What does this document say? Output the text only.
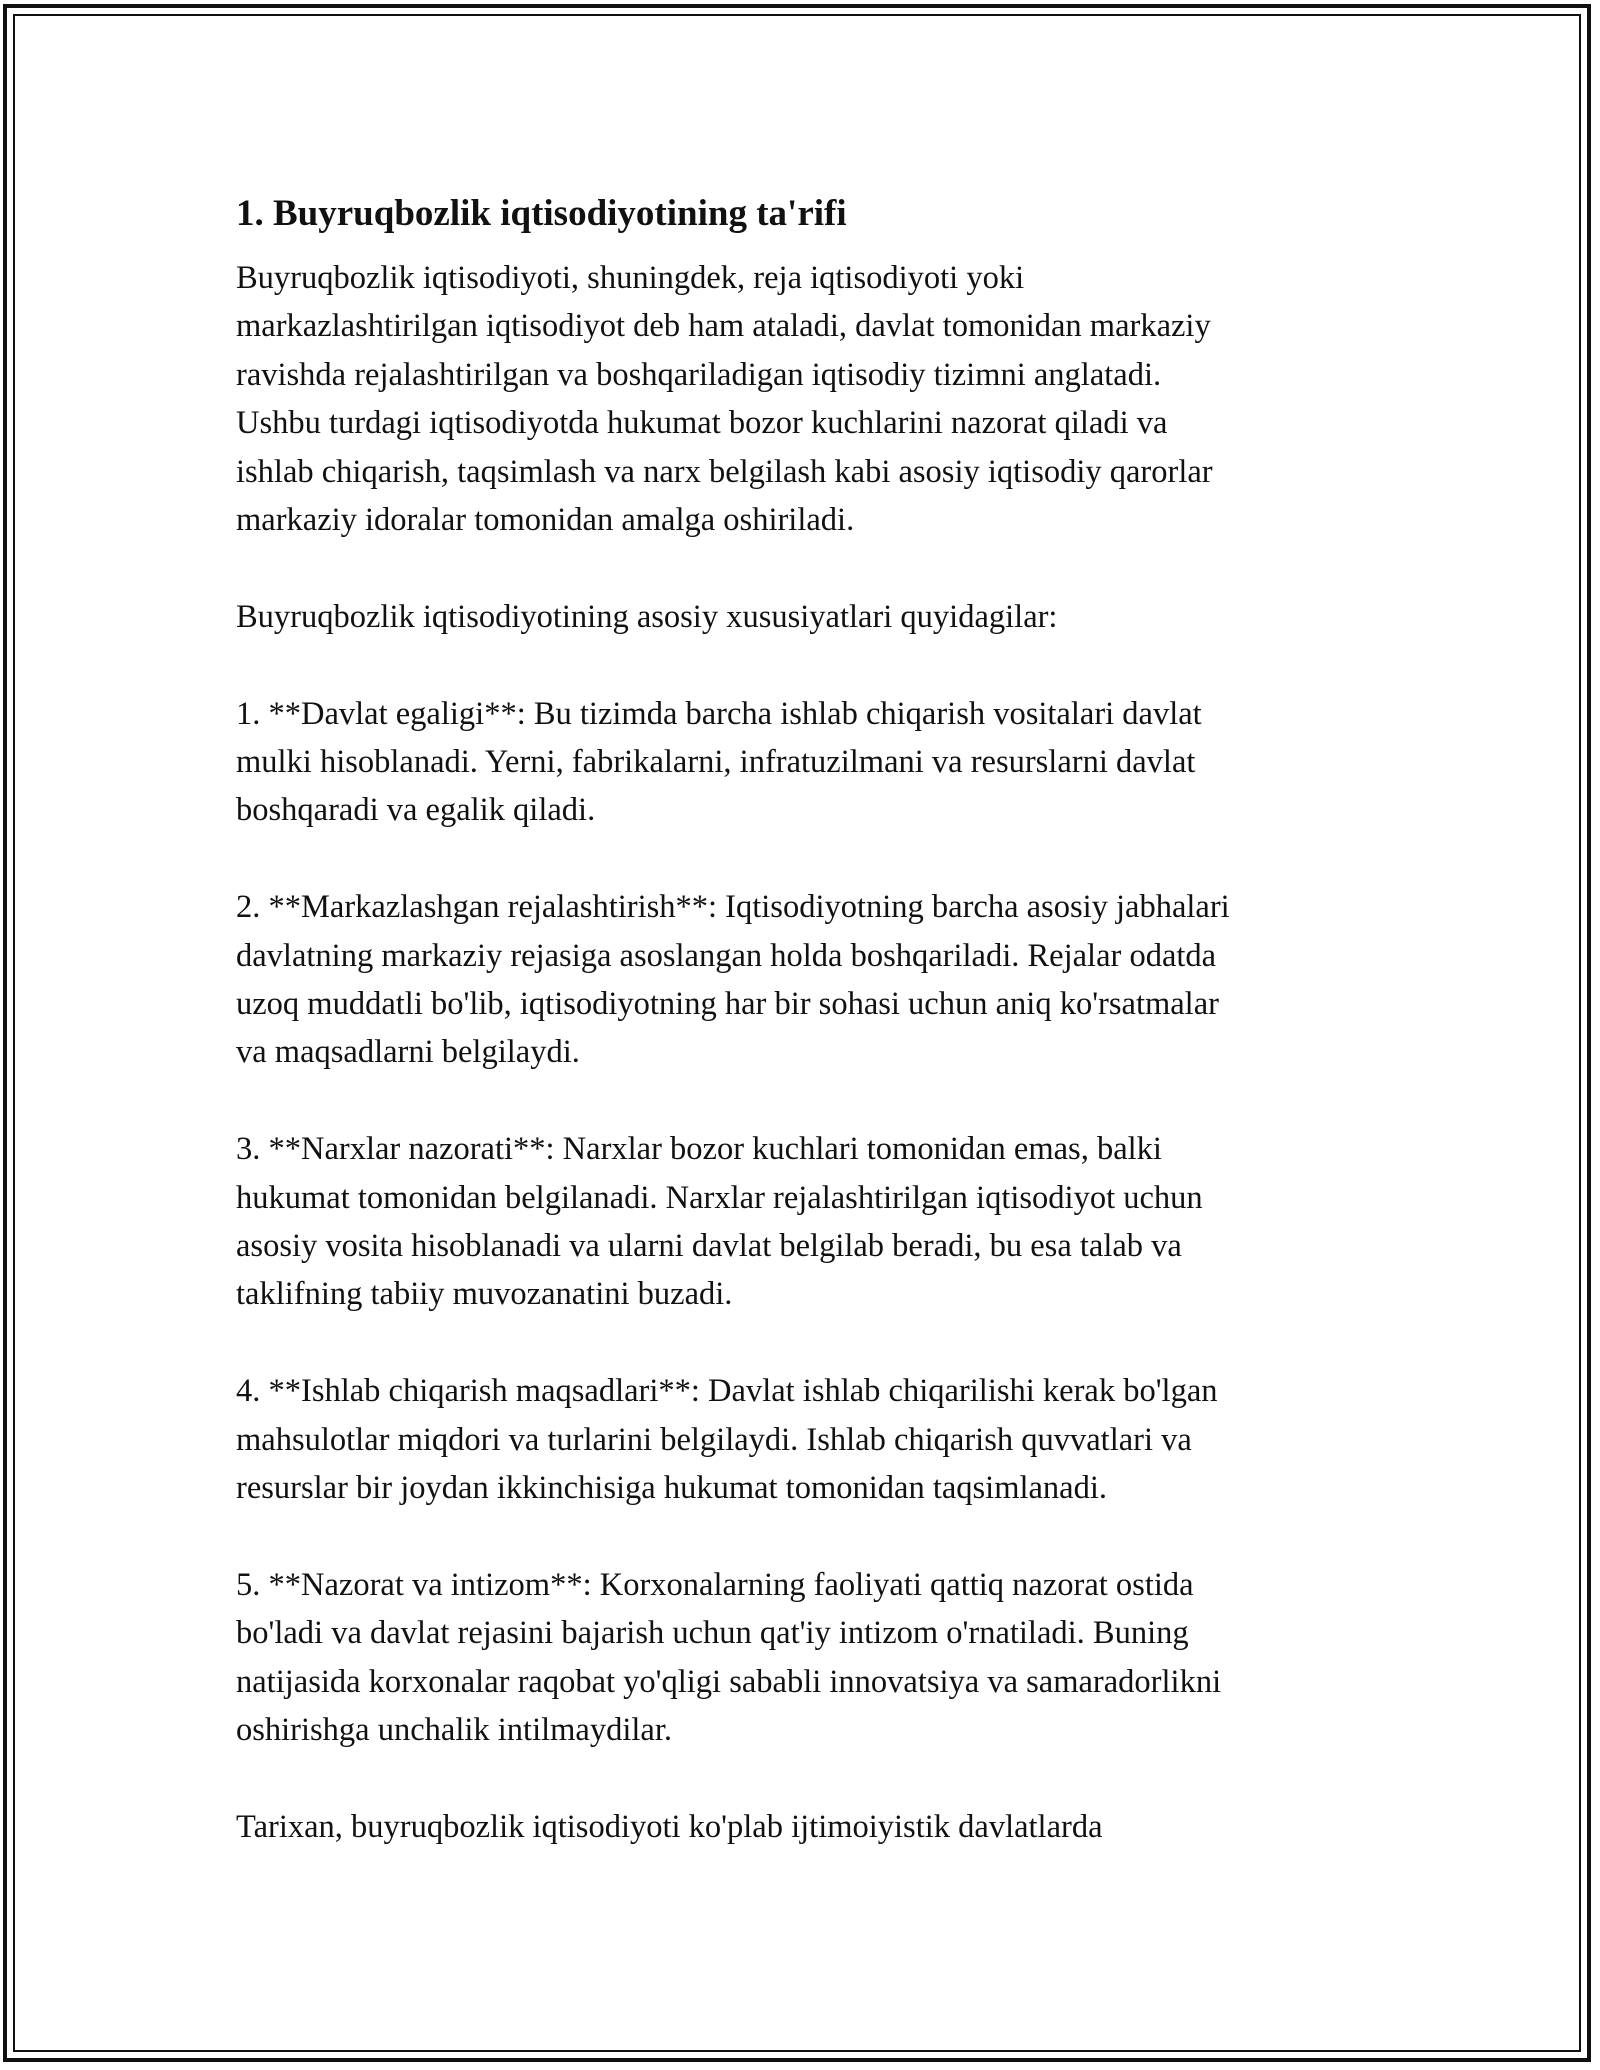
1. Buyruqbozlik iqtisodiyotining ta'rifi

Buyruqbozlik iqtisodiyoti, shuningdek, reja iqtisodiyoti yoki
markazlashtirilgan iqtisodiyot deb ham ataladi, davlat tomonidan markaziy
ravishda rejalashtirilgan va boshqariladigan iqtisodiy tizimni anglatadi.
Ushbu turdagi iqtisodiyotda hukumat bozor kuchlarini nazorat qiladi va
ishlab chiqarish, taqsimlash va narx belgilash kabi asosiy iqtisodiy qarorlar
markaziy idoralar tomonidan amalga oshiriladi.

Buyruqbozlik iqtisodiyotining asosiy xususiyatlari quyidagilar:

1. **Davlat egaligi**: Bu tizimda barcha ishlab chiqarish vositalari davlat
mulki hisoblanadi. Yerni, fabrikalarni, infratuzilmani va resurslarni davlat
boshqaradi va egalik qiladi.

2. **Markazlashgan rejalashtirish**: Iqtisodiyotning barcha asosiy jabhalari
davlatning markaziy rejasiga asoslangan holda boshqariladi. Rejalar odatda
uzoq muddatli bo'lib, iqtisodiyotning har bir sohasi uchun aniq ko'rsatmalar
va maqsadlarni belgilaydi.

3. **Narxlar nazorati**: Narxlar bozor kuchlari tomonidan emas, balki
hukumat tomonidan belgilanadi. Narxlar rejalashtirilgan iqtisodiyot uchun
asosiy vosita hisoblanadi va ularni davlat belgilab beradi, bu esa talab va
taklifning tabiiy muvozanatini buzadi.

4. **Ishlab chiqarish maqsadlari**: Davlat ishlab chiqarilishi kerak bo'lgan
mahsulotlar miqdori va turlarini belgilaydi. Ishlab chiqarish quvvatlari va
resurslar bir joydan ikkinchisiga hukumat tomonidan taqsimlanadi.

5. **Nazorat va intizom**: Korxonalarning faoliyati qattiq nazorat ostida
bo'ladi va davlat rejasini bajarish uchun qat'iy intizom o'rnatiladi. Buning
natijasida korxonalar raqobat yo'qligi sababli innovatsiya va samaradorlikni
oshirishga unchalik intilmaydilar.

Tarixan, buyruqbozlik iqtisodiyoti ko'plab ijtimoiyistik davlatlarda
